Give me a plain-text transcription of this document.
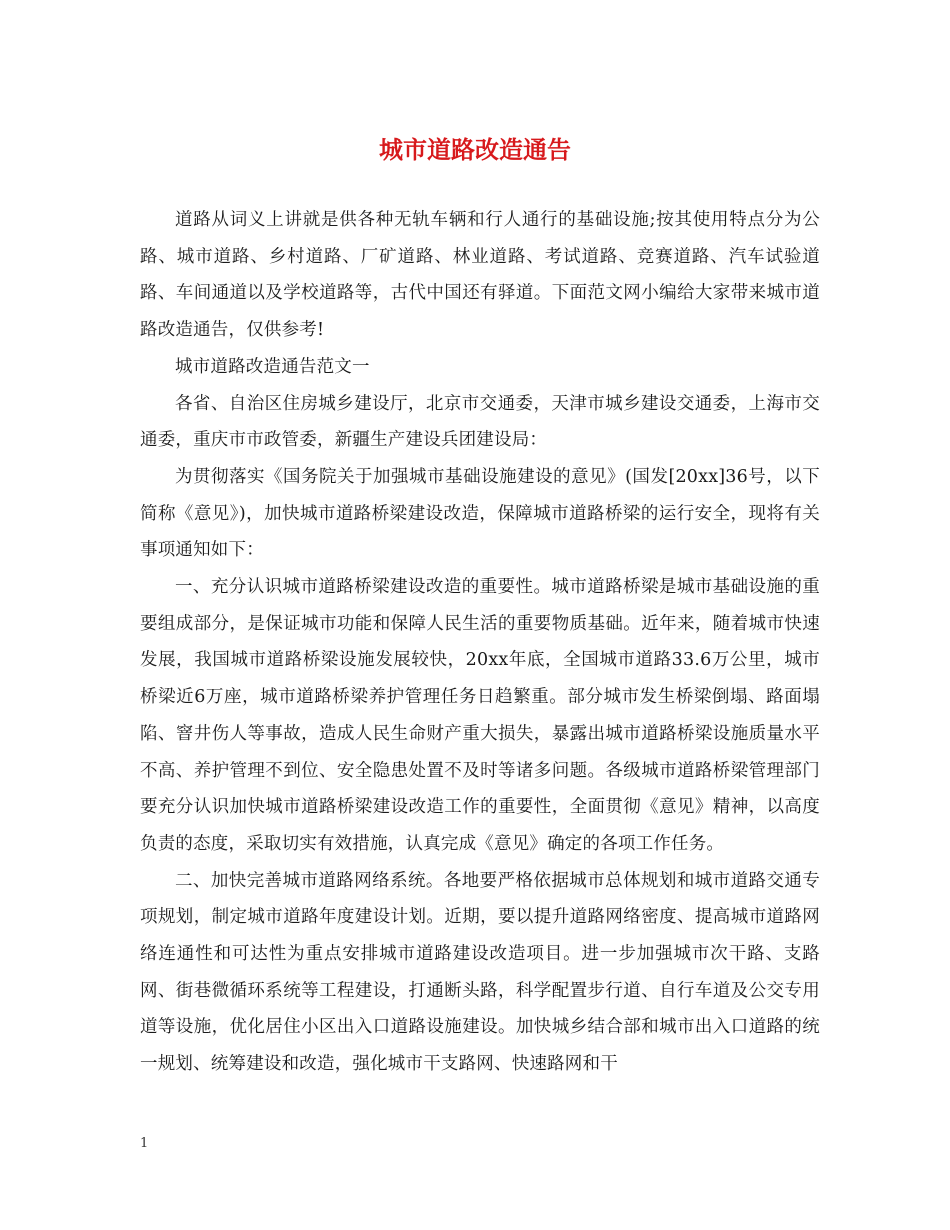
城市道路改造通告

道路从词义上讲就是供各种无轨车辆和行人通行的基础设施;按其使用特点分为公路、城市道路、乡村道路、厂矿道路、林业道路、考试道路、竞赛道路、汽车试验道路、车间通道以及学校道路等，古代中国还有驿道。下面范文网小编给大家带来城市道路改造通告，仅供参考!

城市道路改造通告范文一

各省、自治区住房城乡建设厅，北京市交通委，天津市城乡建设交通委，上海市交通委，重庆市市政管委，新疆生产建设兵团建设局：

为贯彻落实《国务院关于加强城市基础设施建设的意见》(国发[20xx]36号，以下简称《意见》)，加快城市道路桥梁建设改造，保障城市道路桥梁的运行安全，现将有关事项通知如下：

一、充分认识城市道路桥梁建设改造的重要性。城市道路桥梁是城市基础设施的重要组成部分，是保证城市功能和保障人民生活的重要物质基础。近年来，随着城市快速发展，我国城市道路桥梁设施发展较快，20xx年底，全国城市道路33.6万公里，城市桥梁近6万座，城市道路桥梁养护管理任务日趋繁重。部分城市发生桥梁倒塌、路面塌陷、窨井伤人等事故，造成人民生命财产重大损失，暴露出城市道路桥梁设施质量水平不高、养护管理不到位、安全隐患处置不及时等诸多问题。各级城市道路桥梁管理部门要充分认识加快城市道路桥梁建设改造工作的重要性，全面贯彻《意见》精神，以高度负责的态度，采取切实有效措施，认真完成《意见》确定的各项工作任务。

二、加快完善城市道路网络系统。各地要严格依据城市总体规划和城市道路交通专项规划，制定城市道路年度建设计划。近期，要以提升道路网络密度、提高城市道路网络连通性和可达性为重点安排城市道路建设改造项目。进一步加强城市次干路、支路网、街巷微循环系统等工程建设，打通断头路，科学配置步行道、自行车道及公交专用道等设施，优化居住小区出入口道路设施建设。加快城乡结合部和城市出入口道路的统一规划、统筹建设和改造，强化城市干支路网、快速路网和干

1
